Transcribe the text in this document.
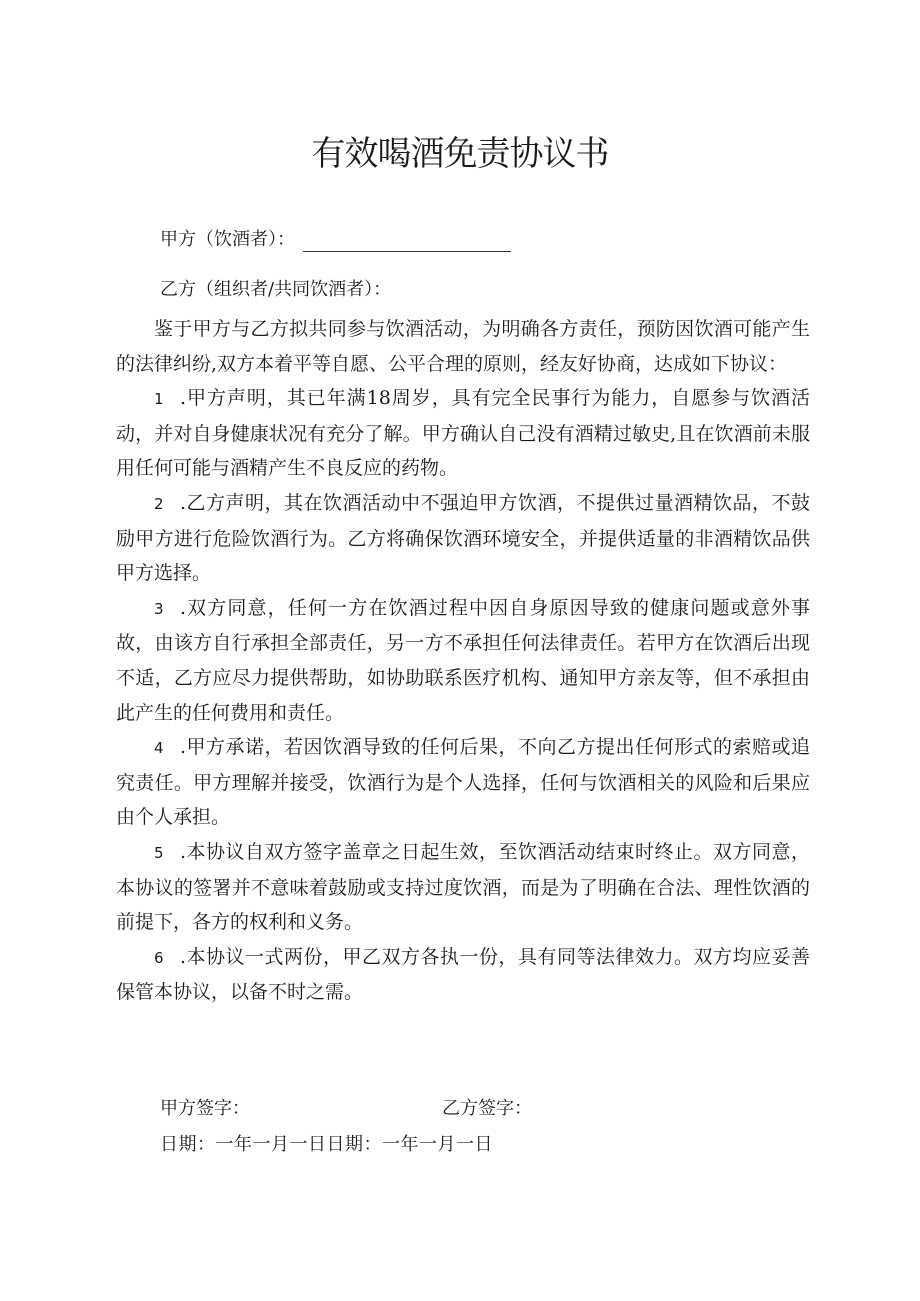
有效喝酒免责协议书
甲方（饮酒者）：
乙方（组织者/共同饮酒者）：

鉴于甲方与乙方拟共同参与饮酒活动，为明确各方责任，预防因饮酒可能产生的法律纠纷,双方本着平等自愿、公平合理的原则，经友好协商，达成如下协议：

1 .甲方声明，其已年满18周岁，具有完全民事行为能力，自愿参与饮酒活动，并对自身健康状况有充分了解。甲方确认自己没有酒精过敏史,且在饮酒前未服用任何可能与酒精产生不良反应的药物。

2 .乙方声明，其在饮酒活动中不强迫甲方饮酒，不提供过量酒精饮品，不鼓励甲方进行危险饮酒行为。乙方将确保饮酒环境安全，并提供适量的非酒精饮品供甲方选择。

3 .双方同意，任何一方在饮酒过程中因自身原因导致的健康问题或意外事故，由该方自行承担全部责任，另一方不承担任何法律责任。若甲方在饮酒后出现不适，乙方应尽力提供帮助，如协助联系医疗机构、通知甲方亲友等，但不承担由此产生的任何费用和责任。

4 .甲方承诺，若因饮酒导致的任何后果，不向乙方提出任何形式的索赔或追究责任。甲方理解并接受，饮酒行为是个人选择，任何与饮酒相关的风险和后果应由个人承担。

5 .本协议自双方签字盖章之日起生效，至饮酒活动结束时终止。双方同意，本协议的签署并不意味着鼓励或支持过度饮酒，而是为了明确在合法、理性饮酒的前提下，各方的权利和义务。

6 .本协议一式两份，甲乙双方各执一份，具有同等法律效力。双方均应妥善保管本协议，以备不时之需。

甲方签字：	乙方签字：
日期：一年一月一日日期：一年一月一日
